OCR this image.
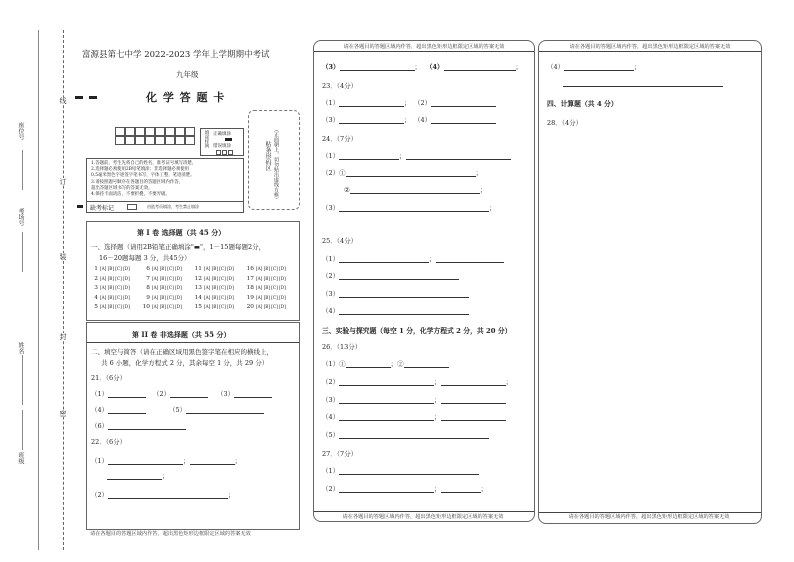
座位号
考场号
姓名
班级
线
订
装
封
密
富源县第七中学 2022-2023 学年上学期期中考试
九年级
化 学 答 题 卡
填涂样例 正确填涂
错误填涂
1.答题前，考生先将自己的姓名、准考证号填写清楚，
2.选择题必须使用2B铅笔填涂；非选择题必须使用
0.5毫米黑色字迹签字笔书写，字体工整，笔迹清楚。
3.请按照题号顺序在各题目的答题区域内作答，
超出答题区域书写的答案无效。
4.保持卡面清洁，不要折叠，不要弄破。
缺考标记	由监考员填涂，考生禁止填涂
贴条形码区 （正面朝上，切勿贴出虚线方框）
第 I 卷 选择题（共 45 分）
一、选择题（请用2B铅笔正确填涂"▬"，1－15题每题2分，
16－20题每题 3 分，共45分）
1 [A] [B] [C] [D]
2 [A] [B] [C] [D]
3 [A] [B] [C] [D]
4 [A] [B] [C] [D]
5 [A] [B] [C] [D]
6 [A] [B] [C] [D]
7 [A] [B] [C] [D]
8 [A] [B] [C] [D]
9 [A] [B] [C] [D]
10 [A] [B] [C] [D]
11 [A] [B] [C] [D]
12 [A] [B] [C] [D]
13 [A] [B] [C] [D]
14 [A] [B] [C] [D]
15 [A] [B] [C] [D]
16 [A] [B] [C] [D]
17 [A] [B] [C] [D]
18 [A] [B] [C] [D]
19 [A] [B] [C] [D]
20 [A] [B] [C] [D]
第 II 卷 非选择题（共 55 分）
二、填空与简答（请在正确区域用黑色签字笔在相应的横线上，
共 6 小题，化学方程式 2 分，其余每空 1 分，共 29 分）
21．（6分）
（1）	（2）	（3）
（4）	（5）
（6）
22．（6分）
（1）	；	；
；
（2）	；
请在各题目的答题区域内作答，超出黑色矩形边框限定区域的答案无效
请在各题目的答题区域内作答，超出黑色矩形边框限定区域的答案无效
（3）	； （4）	；
23．（4分）
（1）	； （2）
（3）	； （4）
24．（7分）
（1）	；
（2）①	；
②	；
（3）	；
25．（4分）
（1）	；
（2）
（3）
（4）
三、实验与探究题（每空 1 分，化学方程式 2 分，共 20 分）
26．（13分）
（1）①	；②
（2）	；	；
（3）	；
（4）	；
（5）
27．（7分）
（1）
（2）	；	；
请在各题目的答题区域内作答，超出黑色矩形边框限定区域的答案无效
请在各题目的答题区域内作答，超出黑色矩形边框限定区域的答案无效
（4）	；
四、计算题（共 4 分）
28．（4分）
请在各题目的答题区域内作答，超出黑色矩形边框限定区域的答案无效
